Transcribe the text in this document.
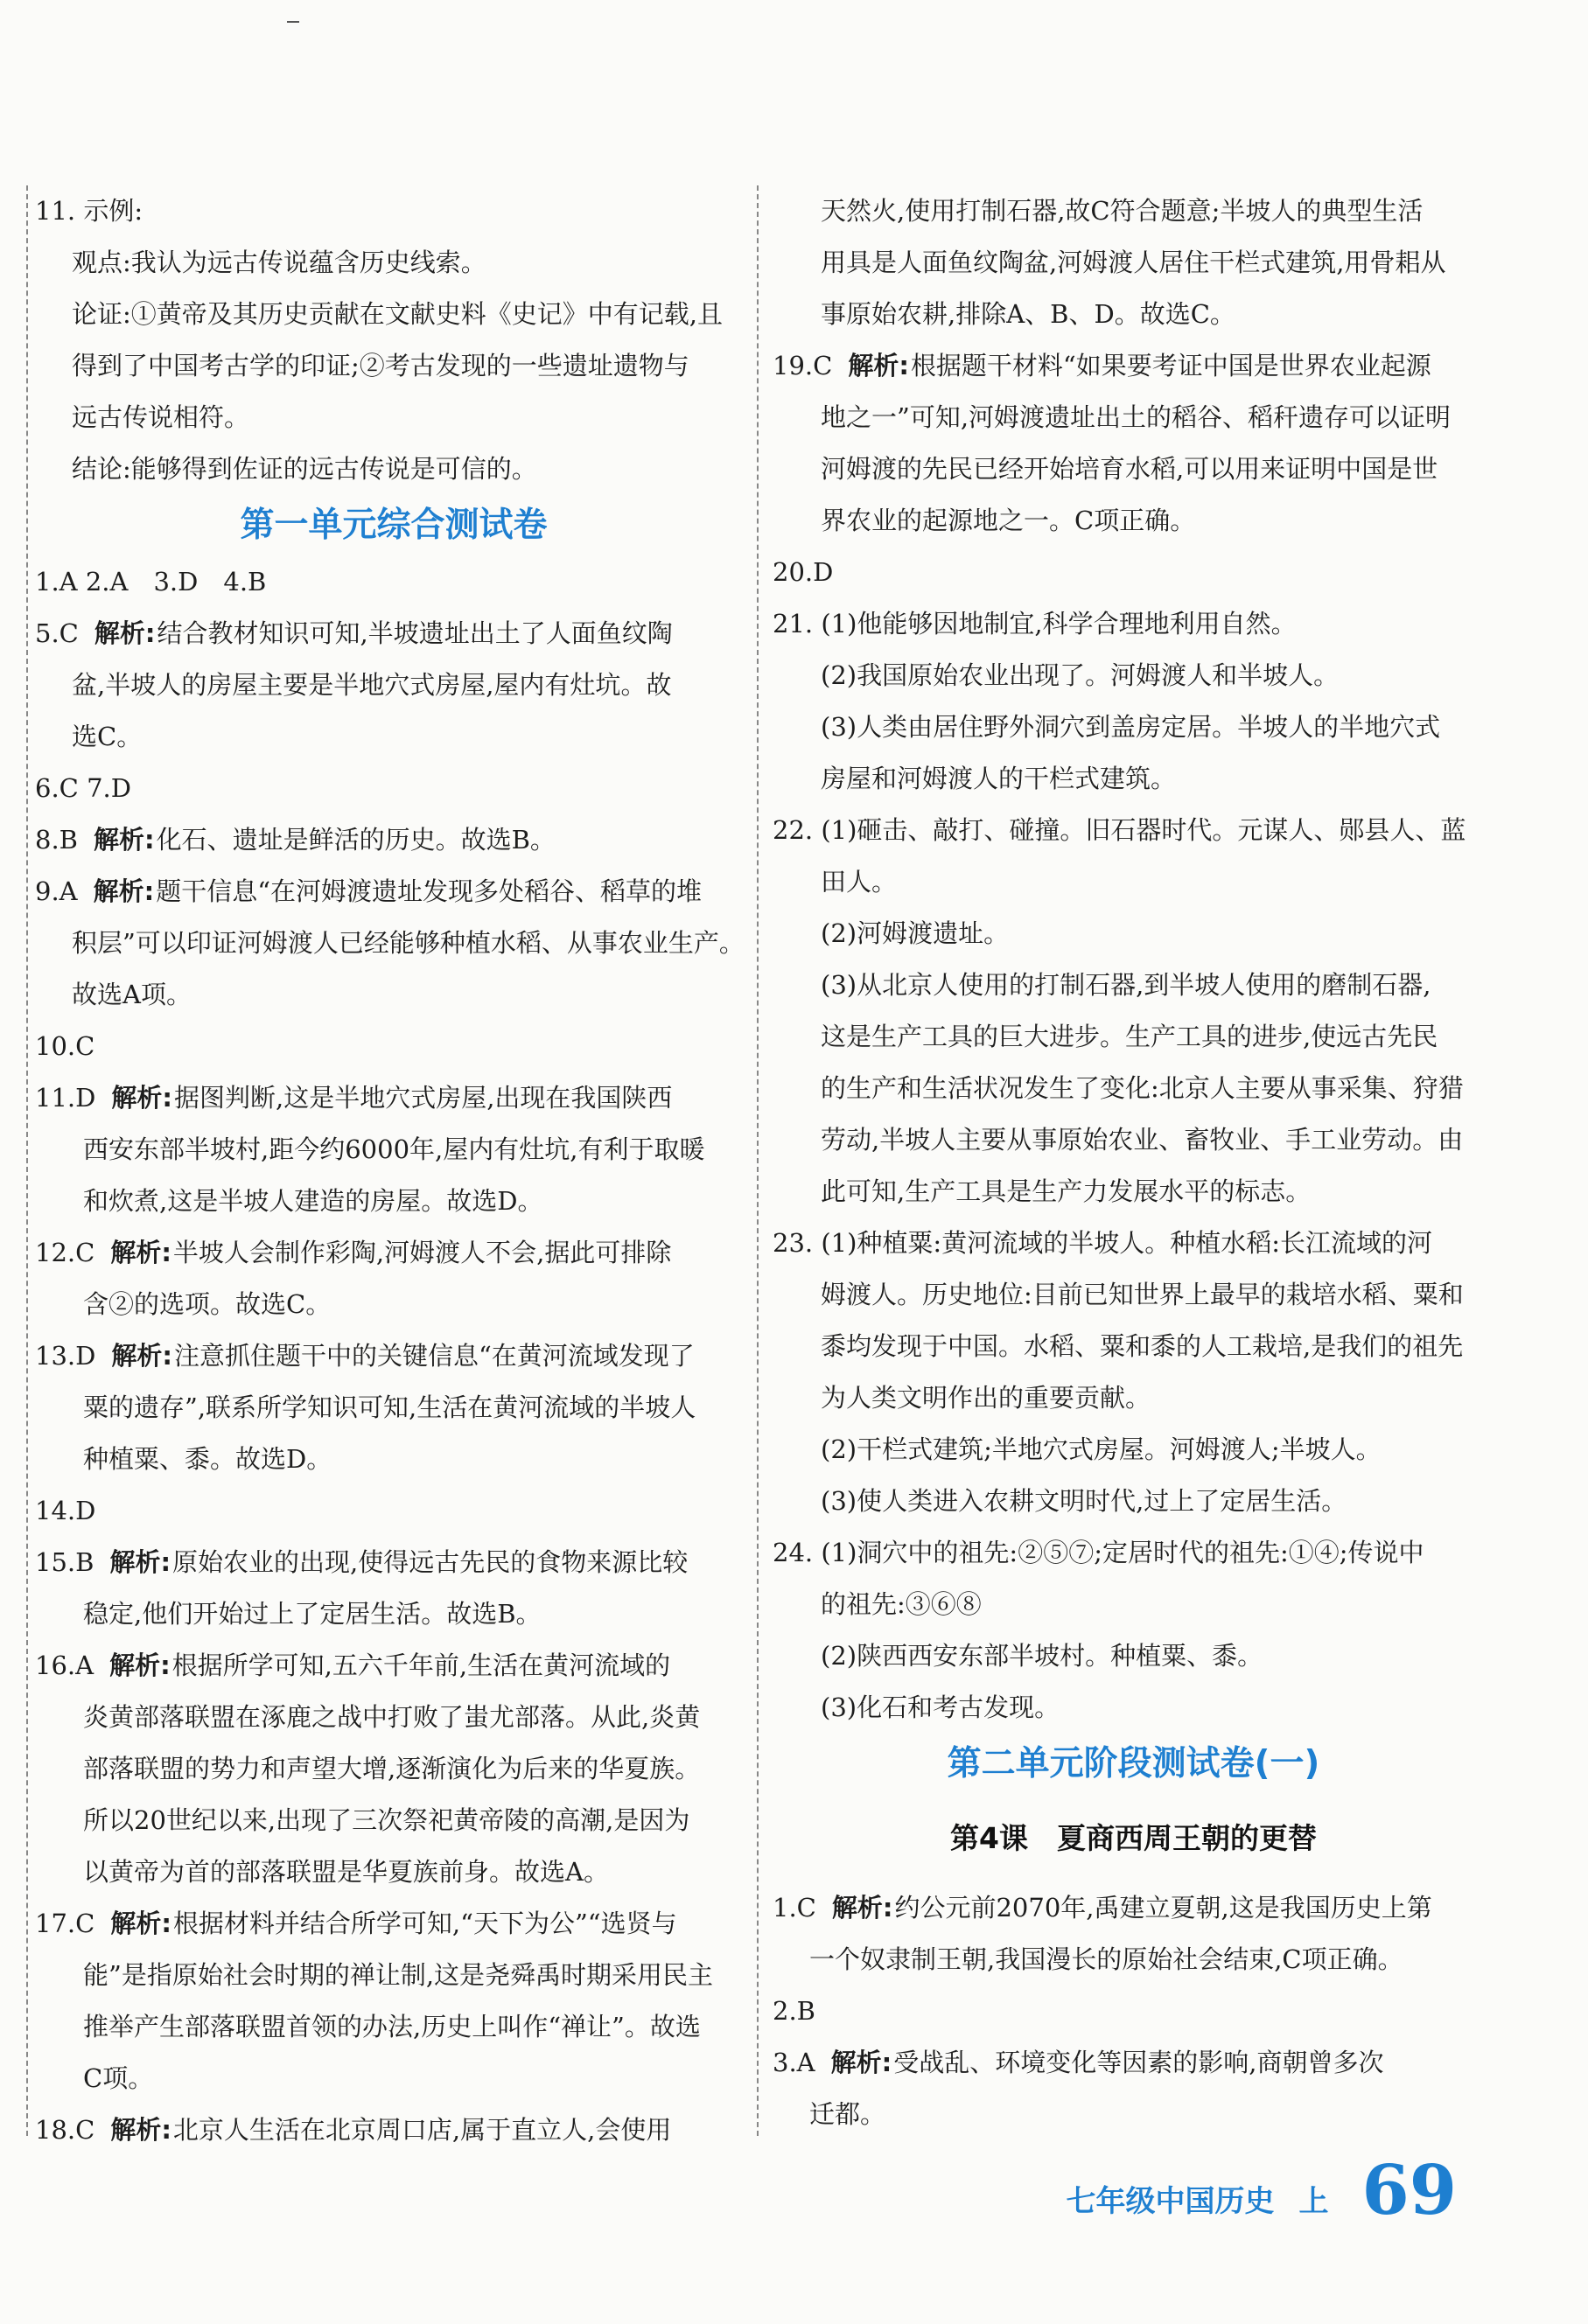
11. 示例:
观点:我认为远古传说蕴含历史线索。
论证:①黄帝及其历史贡献在文献史料《史记》中有记载,且
得到了中国考古学的印证;②考古发现的一些遗址遗物与
远古传说相符。
结论:能够得到佐证的远古传说是可信的。
第一单元综合测试卷
1.A 2.A　3.D　4.B
5.C 解析:结合教材知识可知,半坡遗址出土了人面鱼纹陶
盆,半坡人的房屋主要是半地穴式房屋,屋内有灶坑。故
选C。
6.C 7.D
8.B 解析:化石、遗址是鲜活的历史。故选B。
9.A 解析:题干信息“在河姆渡遗址发现多处稻谷、稻草的堆
积层”可以印证河姆渡人已经能够种植水稻、从事农业生产。
故选A项。
10.C
11.D 解析:据图判断,这是半地穴式房屋,出现在我国陕西
西安东部半坡村,距今约6000年,屋内有灶坑,有利于取暖
和炊煮,这是半坡人建造的房屋。故选D。
12.C 解析:半坡人会制作彩陶,河姆渡人不会,据此可排除
含②的选项。故选C。
13.D 解析:注意抓住题干中的关键信息“在黄河流域发现了
粟的遗存”,联系所学知识可知,生活在黄河流域的半坡人
种植粟、黍。故选D。
14.D
15.B 解析:原始农业的出现,使得远古先民的食物来源比较
稳定,他们开始过上了定居生活。故选B。
16.A 解析:根据所学可知,五六千年前,生活在黄河流域的
炎黄部落联盟在涿鹿之战中打败了蚩尤部落。从此,炎黄
部落联盟的势力和声望大增,逐渐演化为后来的华夏族。
所以20世纪以来,出现了三次祭祀黄帝陵的高潮,是因为
以黄帝为首的部落联盟是华夏族前身。故选A。
17.C 解析:根据材料并结合所学可知,“天下为公”“选贤与
能”是指原始社会时期的禅让制,这是尧舜禹时期采用民主
推举产生部落联盟首领的办法,历史上叫作“禅让”。故选
C项。
18.C 解析:北京人生活在北京周口店,属于直立人,会使用
天然火,使用打制石器,故C符合题意;半坡人的典型生活
用具是人面鱼纹陶盆,河姆渡人居住干栏式建筑,用骨耜从
事原始农耕,排除A、B、D。故选C。
19.C 解析:根据题干材料“如果要考证中国是世界农业起源
地之一”可知,河姆渡遗址出土的稻谷、稻秆遗存可以证明
河姆渡的先民已经开始培育水稻,可以用来证明中国是世
界农业的起源地之一。C项正确。
20.D
21. (1)他能够因地制宜,科学合理地利用自然。
(2)我国原始农业出现了。河姆渡人和半坡人。
(3)人类由居住野外洞穴到盖房定居。半坡人的半地穴式
房屋和河姆渡人的干栏式建筑。
22. (1)砸击、敲打、碰撞。旧石器时代。元谋人、郧县人、蓝
田人。
(2)河姆渡遗址。
(3)从北京人使用的打制石器,到半坡人使用的磨制石器,
这是生产工具的巨大进步。生产工具的进步,使远古先民
的生产和生活状况发生了变化:北京人主要从事采集、狩猎
劳动,半坡人主要从事原始农业、畜牧业、手工业劳动。由
此可知,生产工具是生产力发展水平的标志。
23. (1)种植粟:黄河流域的半坡人。种植水稻:长江流域的河
姆渡人。历史地位:目前已知世界上最早的栽培水稻、粟和
黍均发现于中国。水稻、粟和黍的人工栽培,是我们的祖先
为人类文明作出的重要贡献。
(2)干栏式建筑;半地穴式房屋。河姆渡人;半坡人。
(3)使人类进入农耕文明时代,过上了定居生活。
24. (1)洞穴中的祖先:②⑤⑦;定居时代的祖先:①④;传说中
的祖先:③⑥⑧
(2)陕西西安东部半坡村。种植粟、黍。
(3)化石和考古发现。
第二单元阶段测试卷(一)
第4课　夏商西周王朝的更替
1.C 解析:约公元前2070年,禹建立夏朝,这是我国历史上第
一个奴隶制王朝,我国漫长的原始社会结束,C项正确。
2.B
3.A 解析:受战乱、环境变化等因素的影响,商朝曾多次
迁都。
七年级中国历史 上 69
